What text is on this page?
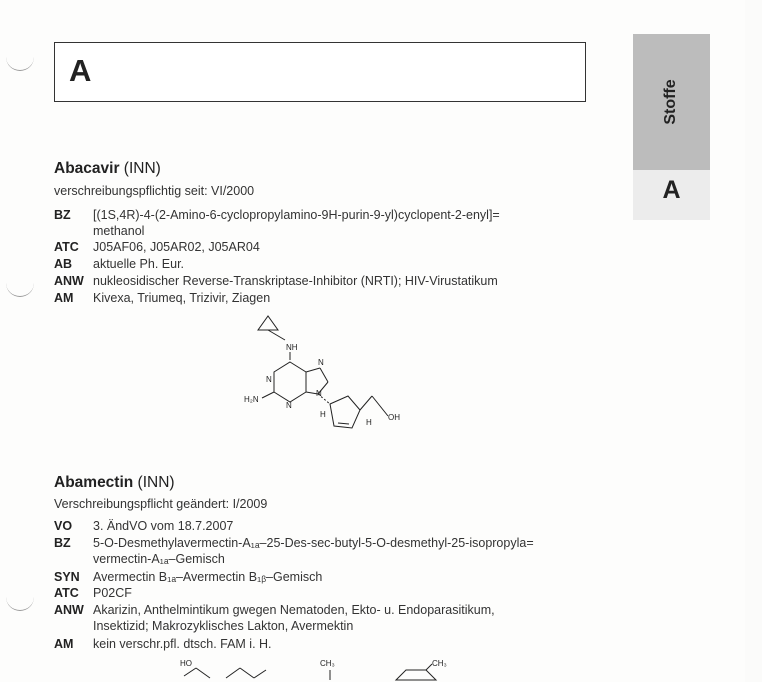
A
Stoffe
A
Abacavir (INN)
verschreibungspflichtig seit: VI/2000
BZ [(1S,4R)-4-(2-Amino-6-cyclopropylamino-9H-purin-9-yl)cyclopent-2-enyl]=
methanol
ATC J05AF06, J05AR02, J05AR04
AB aktuelle Ph. Eur.
ANW nukleosidischer Reverse-Transkriptase-Inhibitor (NRTI); HIV-Virustatikum
AM Kivexa, Triumeq, Trizivir, Ziagen
NH
N
N
N
N
H₂N
H
H
OH
Abamectin (INN)
Verschreibungspflicht geändert: I/2009
VO 3. ÄndVO vom 18.7.2007
BZ 5-O-Desmethylavermectin-A₁ₐ–25-Des-sec-butyl-5-O-desmethyl-25-isopropyla=
vermectin-A₁ₐ–Gemisch
SYN Avermectin B₁ₐ–Avermectin B₁ᵦ–Gemisch
ATC P02CF
ANW Akarizin, Anthelmintikum gwegen Nematoden, Ekto- u. Endoparasitikum,
Insektizid; Makrozyklisches Lakton, Avermektin
AM kein verschr.pfl. dtsch. FAM i. H.
HO	CH₃	CH₃
